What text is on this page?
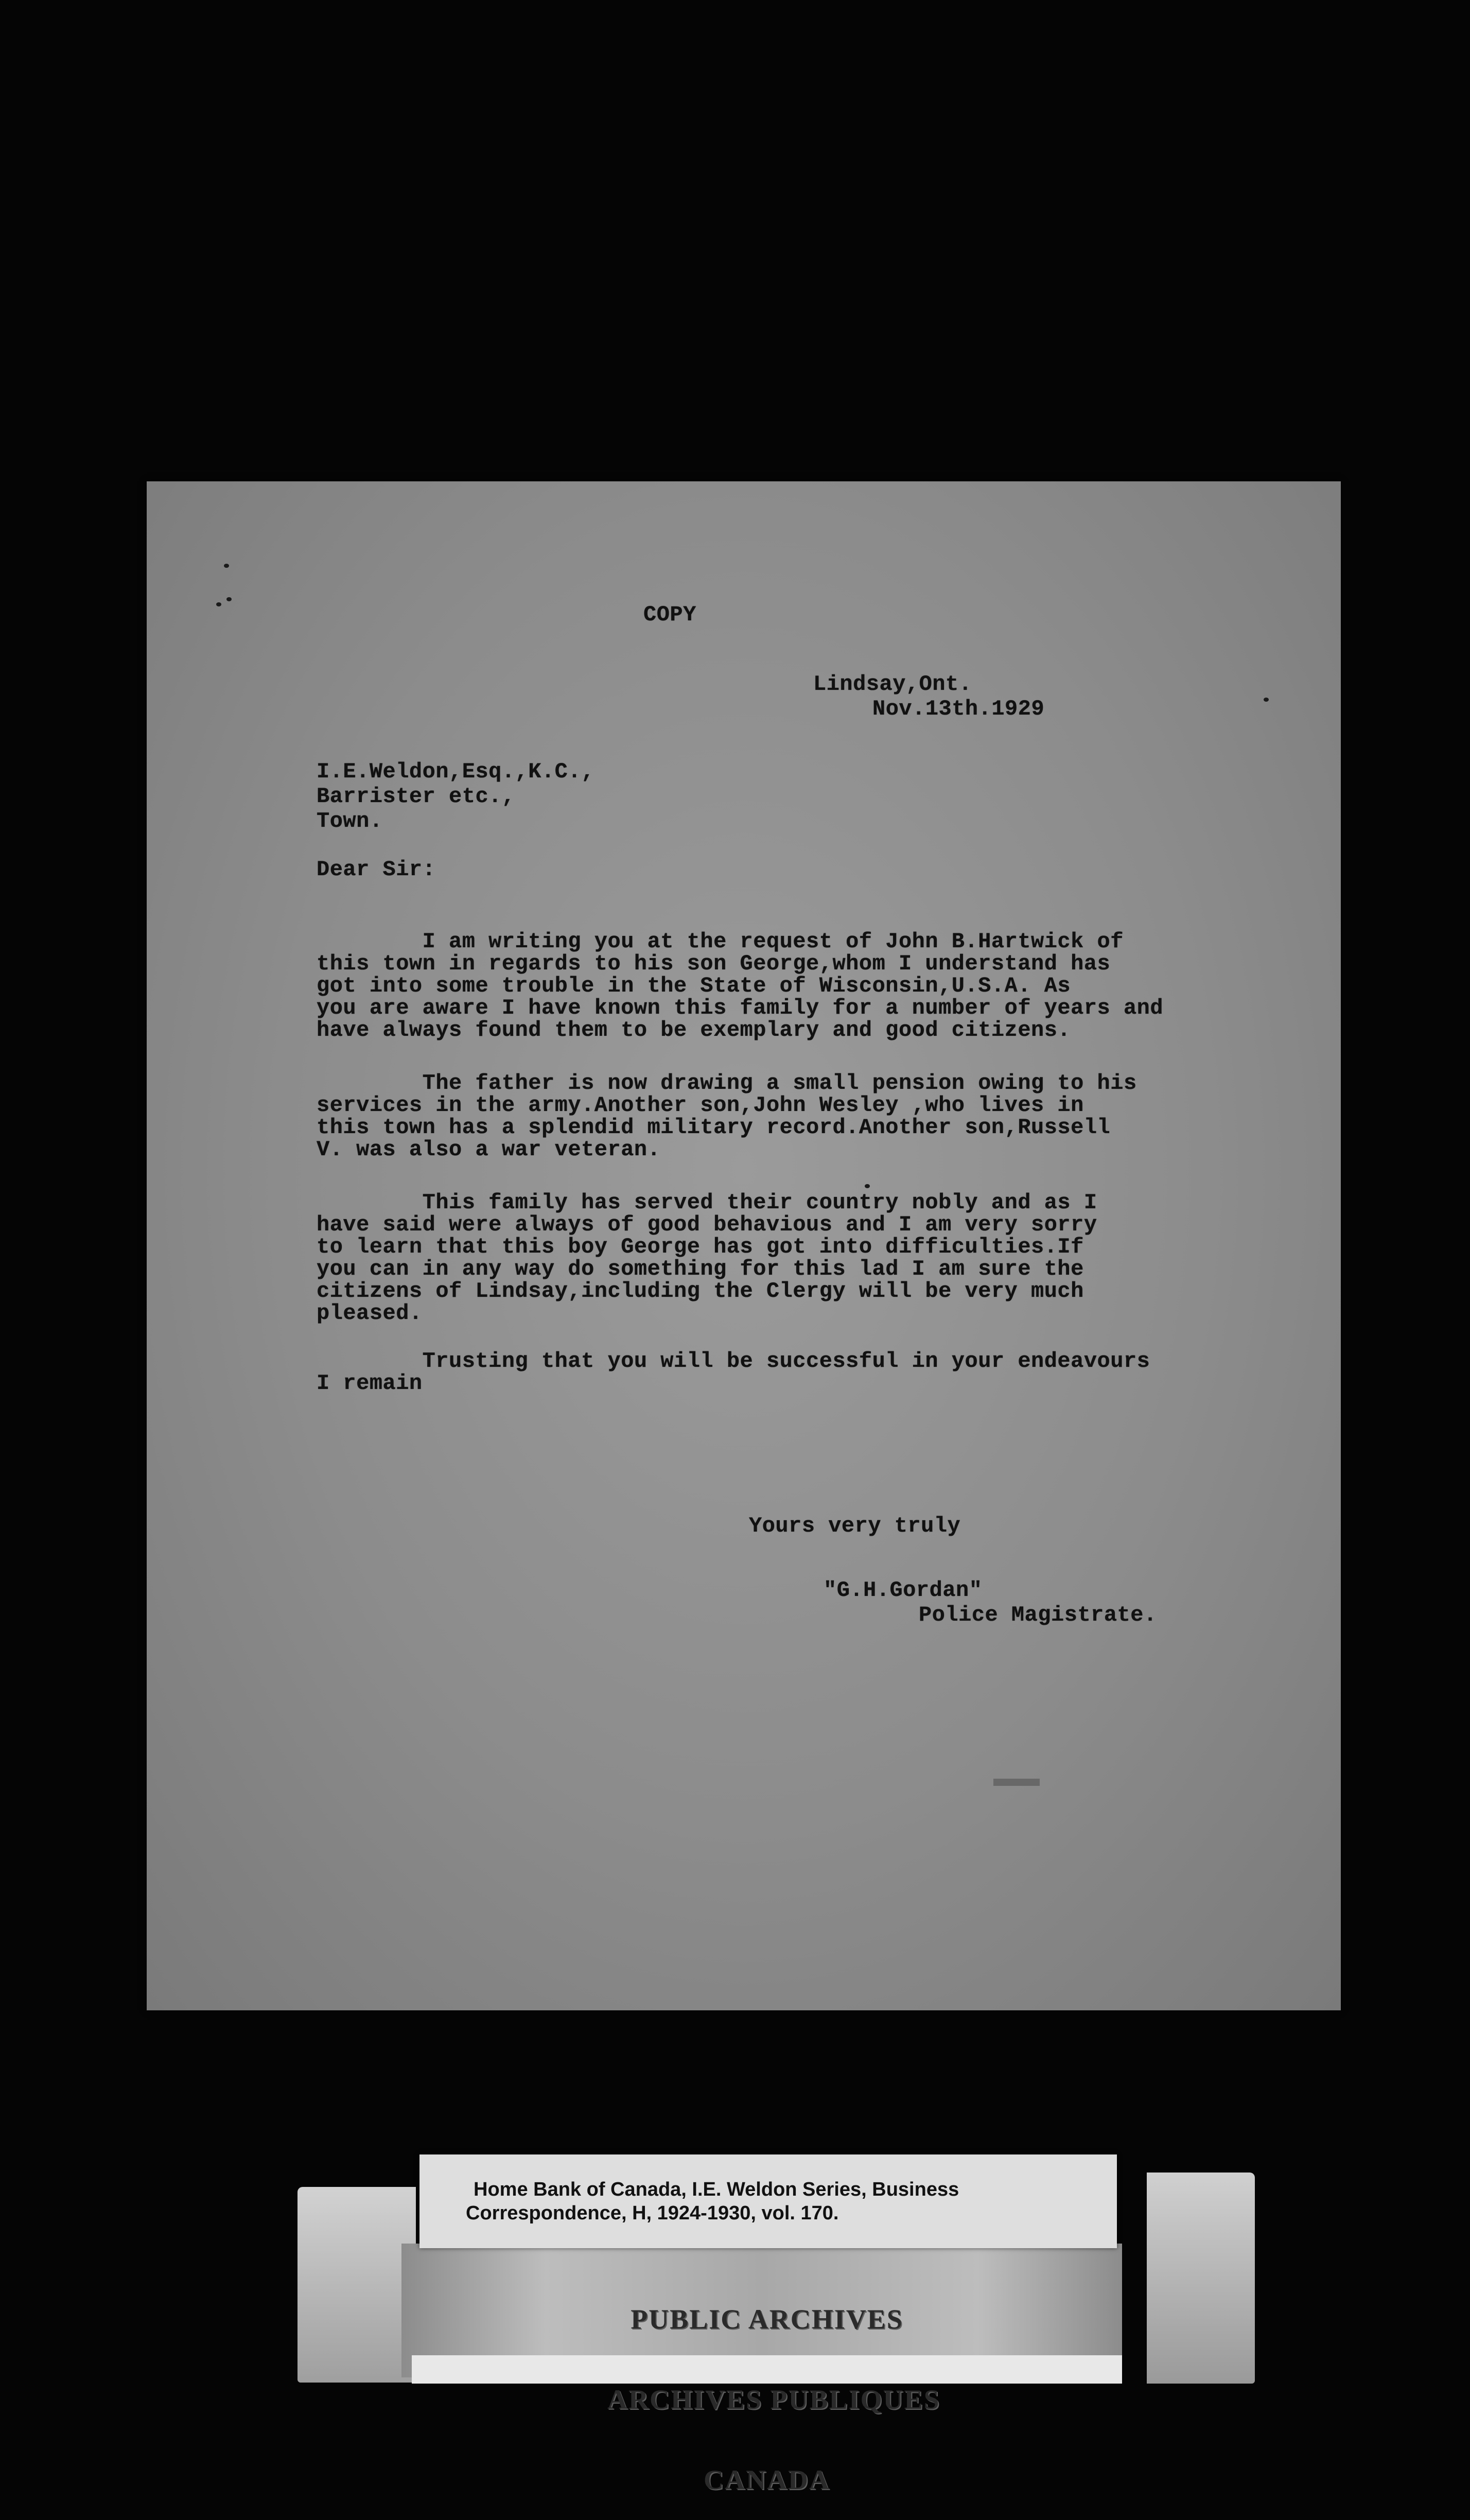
COPY
Lindsay,Ont.
Nov.13th.1929
I.E.Weldon,Esq.,K.C.,
Barrister etc.,
Town.
Dear Sir:
I am writing you at the request of John B.Hartwick of
this town in regards to his son George,whom I understand has
got into some trouble in the State of Wisconsin,U.S.A. As
you are aware I have known this family for a number of years and
have always found them to be exemplary and good citizens.
The father is now drawing a small pension owing to his
services in the army.Another son,John Wesley ,who lives in
this town has a splendid military record.Another son,Russell
V. was also a war veteran.
This family has served their country nobly and as I
have said were always of good behavious and I am very sorry
to learn that this boy George has got into difficulties.If
you can in any way do something for this lad I am sure the
citizens of Lindsay,including the Clergy will be very much
pleased.
Trusting that you will be successful in your endeavours
I remain
Yours very truly
"G.H.Gordan"
Police Magistrate.
Home Bank of Canada, I.E. Weldon Series, Business
Correspondence, H, 1924-1930, vol. 170.

PUBLIC ARCHIVES

ARCHIVES PUBLIQUES

CANADA
